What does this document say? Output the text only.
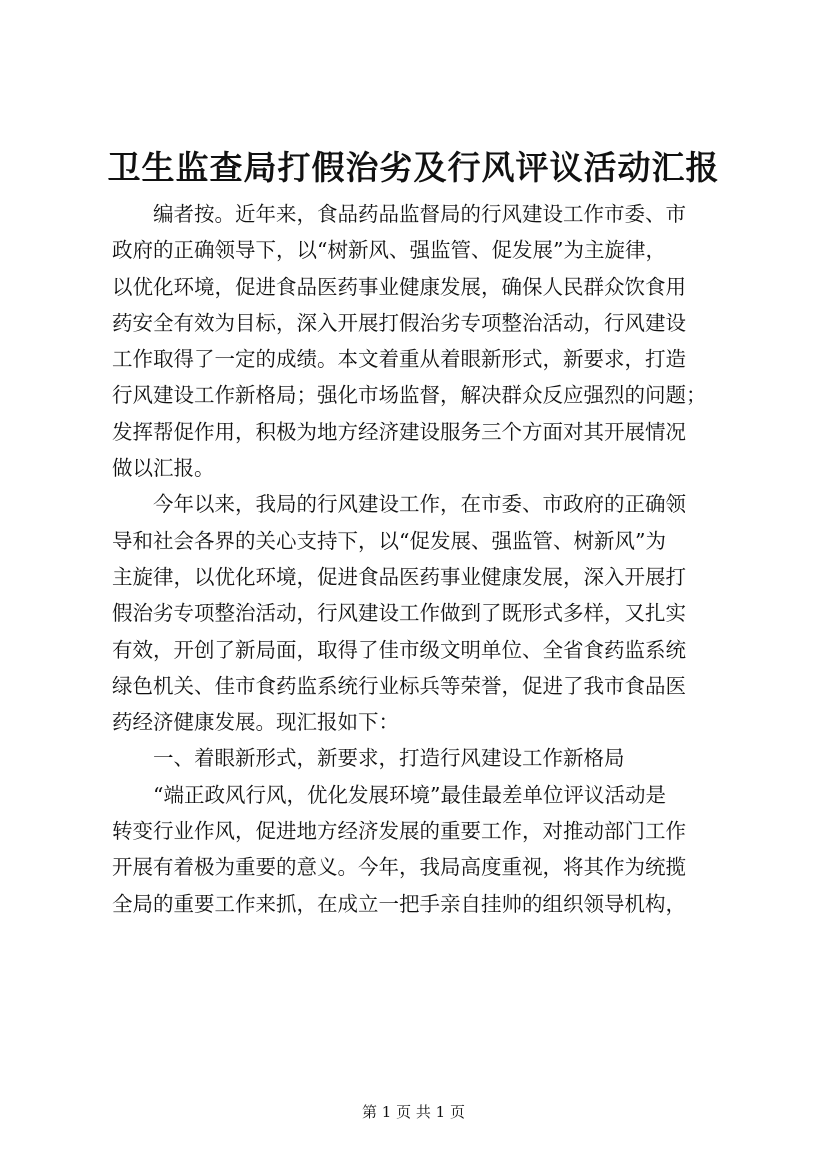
卫生监查局打假治劣及行风评议活动汇报
编者按。近年来，食品药品监督局的行风建设工作市委、市
政府的正确领导下，以“树新风、强监管、促发展”为主旋律，
以优化环境，促进食品医药事业健康发展，确保人民群众饮食用
药安全有效为目标，深入开展打假治劣专项整治活动，行风建设
工作取得了一定的成绩。本文着重从着眼新形式，新要求，打造
行风建设工作新格局；强化市场监督，解决群众反应强烈的问题；
发挥帮促作用，积极为地方经济建设服务三个方面对其开展情况
做以汇报。
今年以来，我局的行风建设工作，在市委、市政府的正确领
导和社会各界的关心支持下，以“促发展、强监管、树新风”为
主旋律，以优化环境，促进食品医药事业健康发展，深入开展打
假治劣专项整治活动，行风建设工作做到了既形式多样，又扎实
有效，开创了新局面，取得了佳市级文明单位、全省食药监系统
绿色机关、佳市食药监系统行业标兵等荣誉，促进了我市食品医
药经济健康发展。现汇报如下：
一、着眼新形式，新要求，打造行风建设工作新格局
“端正政风行风，优化发展环境”最佳最差单位评议活动是
转变行业作风，促进地方经济发展的重要工作，对推动部门工作
开展有着极为重要的意义。今年，我局高度重视，将其作为统揽
全局的重要工作来抓，在成立一把手亲自挂帅的组织领导机构，
第 1 页 共 1 页
